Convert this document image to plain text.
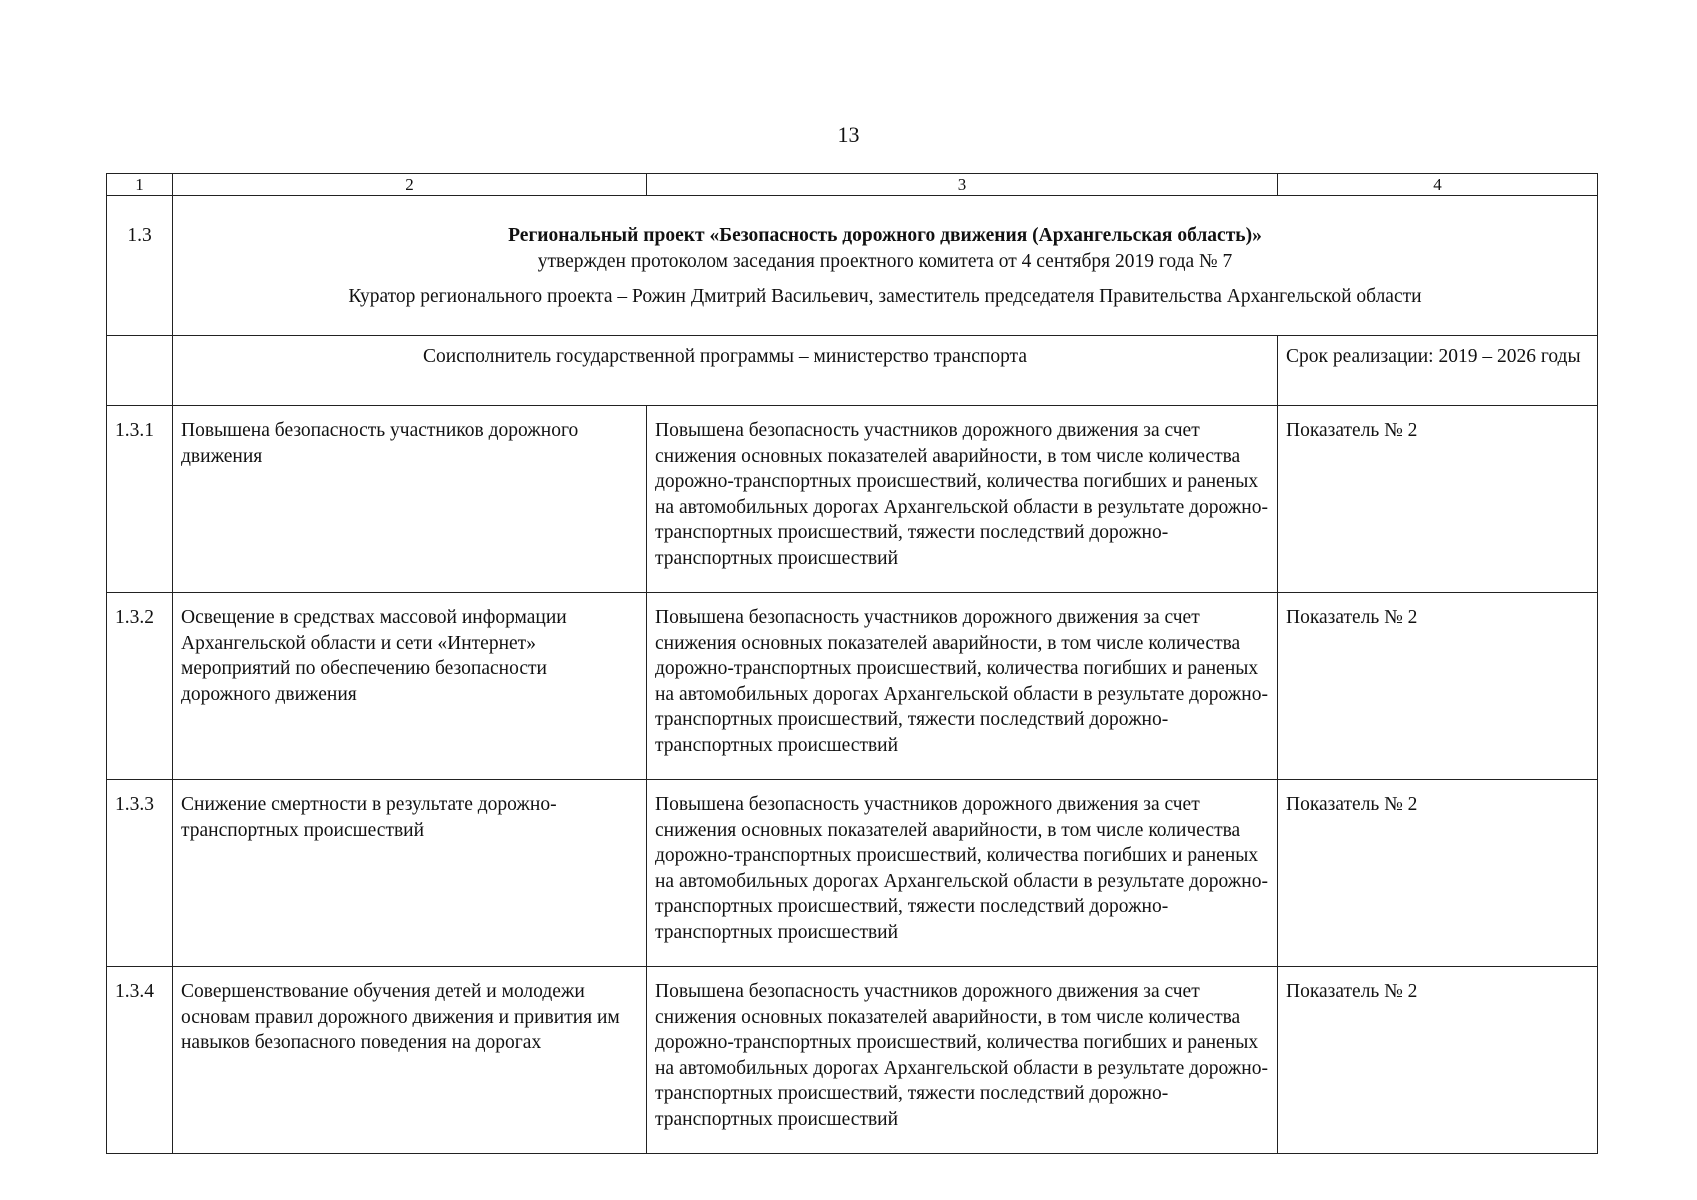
13
1	2	3	4
1.3	Региональный проект «Безопасность дорожного движения (Архангельская область)»
утвержден протоколом заседания проектного комитета от 4 сентября 2019 года № 7
Куратор регионального проекта – Рожин Дмитрий Васильевич, заместитель председателя Правительства Архангельской области		

	Соисполнитель государственной программы – министерство транспорта		Срок реализации: 2019 – 2026 годы
1.3.1	Повышена безопасность участников дорожного движения	Повышена безопасность участников дорожного движения за счет снижения основных показателей аварийности, в том числе количества дорожно-транспортных происшествий, количества погибших и раненых на автомобильных дорогах Архангельской области в результате дорожно-транспортных происшествий, тяжести последствий дорожно-транспортных происшествий	Показатель № 2
1.3.2	Освещение в средствах массовой информации Архангельской области и сети «Интернет» мероприятий по обеспечению безопасности дорожного движения	Повышена безопасность участников дорожного движения за счет снижения основных показателей аварийности, в том числе количества дорожно-транспортных происшествий, количества погибших и раненых на автомобильных дорогах Архангельской области в результате дорожно-транспортных происшествий, тяжести последствий дорожно-транспортных происшествий	Показатель № 2
1.3.3	Снижение смертности в результате дорожно-транспортных происшествий	Повышена безопасность участников дорожного движения за счет снижения основных показателей аварийности, в том числе количества дорожно-транспортных происшествий, количества погибших и раненых на автомобильных дорогах Архангельской области в результате дорожно-транспортных происшествий, тяжести последствий дорожно-транспортных происшествий	Показатель № 2
1.3.4	Совершенствование обучения детей и молодежи основам правил дорожного движения и привития им навыков безопасного поведения на дорогах	Повышена безопасность участников дорожного движения за счет снижения основных показателей аварийности, в том числе количества дорожно-транспортных происшествий, количества погибших и раненых на автомобильных дорогах Архангельской области в результате дорожно-транспортных происшествий, тяжести последствий дорожно-транспортных происшествий	Показатель № 2
